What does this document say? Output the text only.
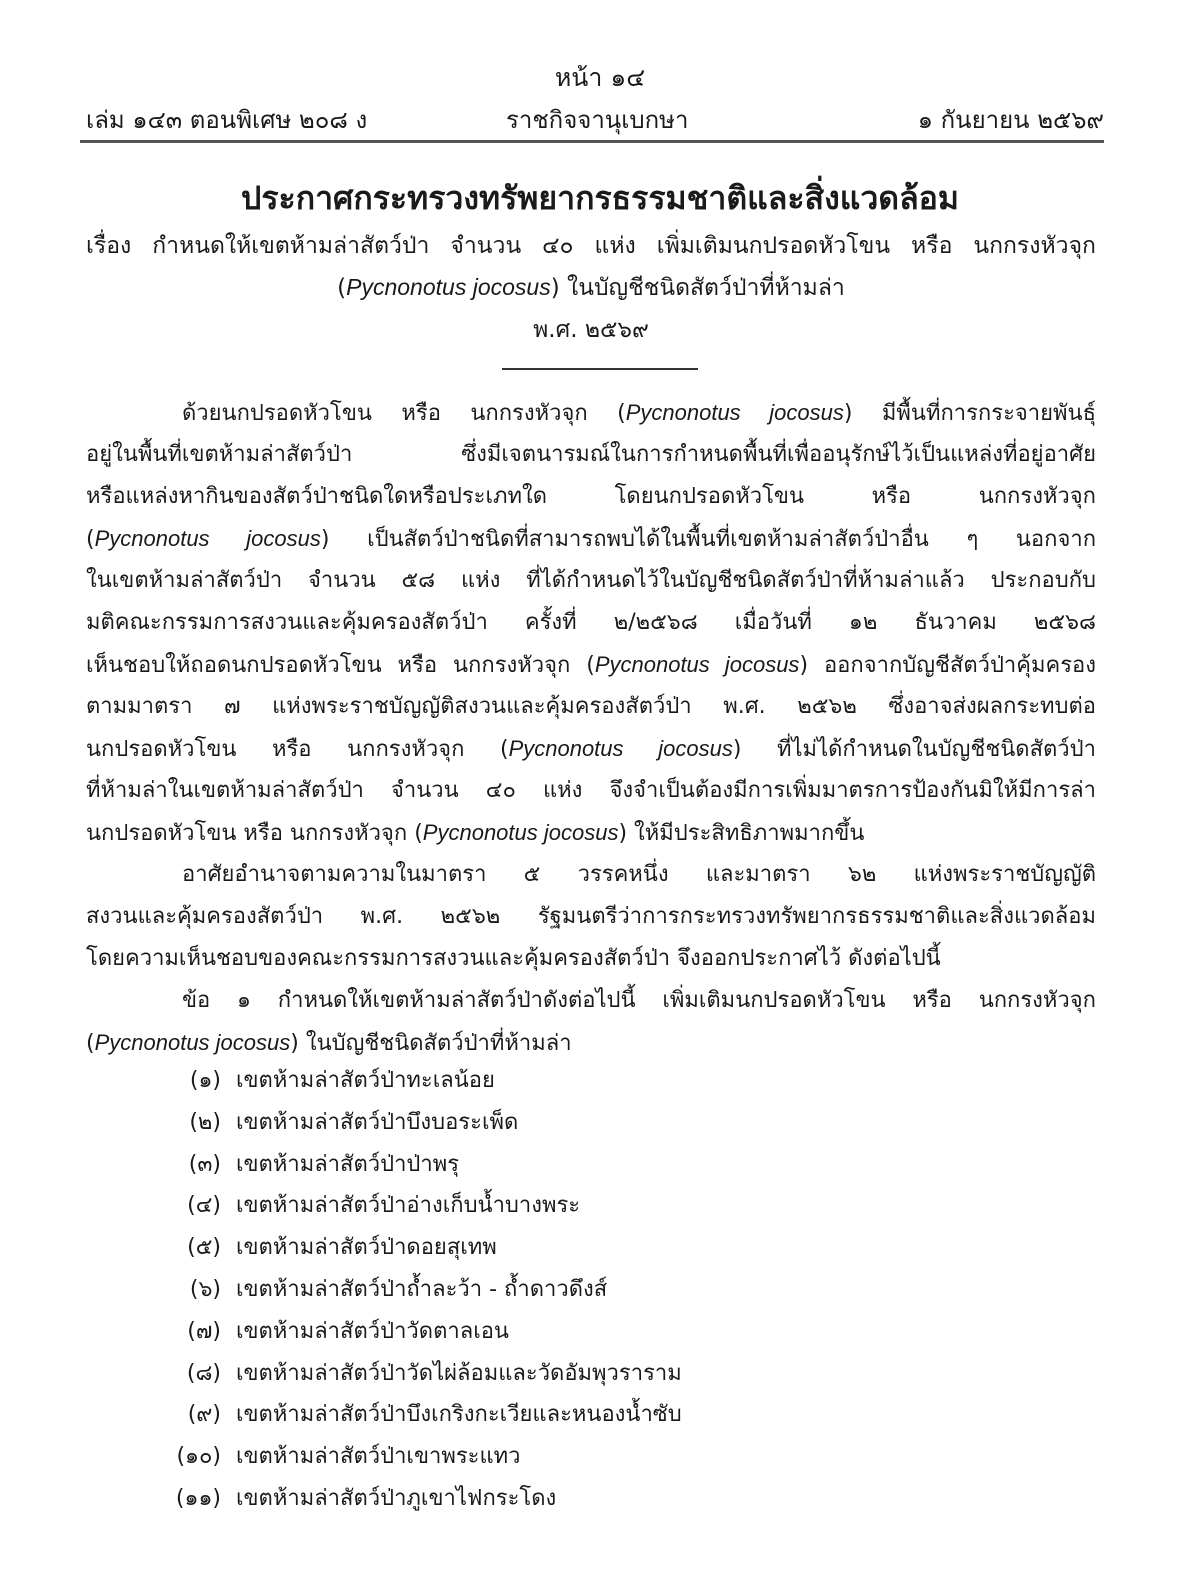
หน้า ๑๔
เล่ม ๑๔๓ ตอนพิเศษ ๒๐๘ ง	ราชกิจจานุเบกษา	๑ กันยายน ๒๕๖๙
ประกาศกระทรวงทรัพยากรธรรมชาติและสิ่งแวดล้อม
เรื่อง กำหนดให้เขตห้ามล่าสัตว์ป่า จำนวน ๔๐ แห่ง เพิ่มเติมนกปรอดหัวโขน หรือ นกกรงหัวจุก
(Pycnonotus jocosus) ในบัญชีชนิดสัตว์ป่าที่ห้ามล่า
พ.ศ. ๒๕๖๙
ด้วยนกปรอดหัวโขน หรือ นกกรงหัวจุก (Pycnonotus jocosus) มีพื้นที่การกระจายพันธุ์
อยู่ในพื้นที่เขตห้ามล่าสัตว์ป่า ซึ่งมีเจตนารมณ์ในการกำหนดพื้นที่เพื่ออนุรักษ์ไว้เป็นแหล่งที่อยู่อาศัย
หรือแหล่งหากินของสัตว์ป่าชนิดใดหรือประเภทใด โดยนกปรอดหัวโขน หรือ นกกรงหัวจุก
(Pycnonotus jocosus) เป็นสัตว์ป่าชนิดที่สามารถพบได้ในพื้นที่เขตห้ามล่าสัตว์ป่าอื่น ๆ นอกจาก
ในเขตห้ามล่าสัตว์ป่า จำนวน ๕๘ แห่ง ที่ได้กำหนดไว้ในบัญชีชนิดสัตว์ป่าที่ห้ามล่าแล้ว ประกอบกับ
มติคณะกรรมการสงวนและคุ้มครองสัตว์ป่า ครั้งที่ ๒/๒๕๖๘ เมื่อวันที่ ๑๒ ธันวาคม ๒๕๖๘
เห็นชอบให้ถอดนกปรอดหัวโขน หรือ นกกรงหัวจุก (Pycnonotus jocosus) ออกจากบัญชีสัตว์ป่าคุ้มครอง
ตามมาตรา ๗ แห่งพระราชบัญญัติสงวนและคุ้มครองสัตว์ป่า พ.ศ. ๒๕๖๒ ซึ่งอาจส่งผลกระทบต่อ
นกปรอดหัวโขน หรือ นกกรงหัวจุก (Pycnonotus jocosus) ที่ไม่ได้กำหนดในบัญชีชนิดสัตว์ป่า
ที่ห้ามล่าในเขตห้ามล่าสัตว์ป่า จำนวน ๔๐ แห่ง จึงจำเป็นต้องมีการเพิ่มมาตรการป้องกันมิให้มีการล่า
นกปรอดหัวโขน หรือ นกกรงหัวจุก (Pycnonotus jocosus) ให้มีประสิทธิภาพมากขึ้น
อาศัยอำนาจตามความในมาตรา ๕ วรรคหนึ่ง และมาตรา ๖๒ แห่งพระราชบัญญัติ
สงวนและคุ้มครองสัตว์ป่า พ.ศ. ๒๕๖๒ รัฐมนตรีว่าการกระทรวงทรัพยากรธรรมชาติและสิ่งแวดล้อม
โดยความเห็นชอบของคณะกรรมการสงวนและคุ้มครองสัตว์ป่า จึงออกประกาศไว้ ดังต่อไปนี้
ข้อ ๑ กำหนดให้เขตห้ามล่าสัตว์ป่าดังต่อไปนี้ เพิ่มเติมนกปรอดหัวโขน หรือ นกกรงหัวจุก
(Pycnonotus jocosus) ในบัญชีชนิดสัตว์ป่าที่ห้ามล่า
(๑) เขตห้ามล่าสัตว์ป่าทะเลน้อย
(๒) เขตห้ามล่าสัตว์ป่าบึงบอระเพ็ด
(๓) เขตห้ามล่าสัตว์ป่าป่าพรุ
(๔) เขตห้ามล่าสัตว์ป่าอ่างเก็บน้ำบางพระ
(๕) เขตห้ามล่าสัตว์ป่าดอยสุเทพ
(๖) เขตห้ามล่าสัตว์ป่าถ้ำละว้า - ถ้ำดาวดึงส์
(๗) เขตห้ามล่าสัตว์ป่าวัดตาลเอน
(๘) เขตห้ามล่าสัตว์ป่าวัดไผ่ล้อมและวัดอัมพุวราราม
(๙) เขตห้ามล่าสัตว์ป่าบึงเกริงกะเวียและหนองน้ำซับ
(๑๐) เขตห้ามล่าสัตว์ป่าเขาพระแทว
(๑๑) เขตห้ามล่าสัตว์ป่าภูเขาไฟกระโดง
